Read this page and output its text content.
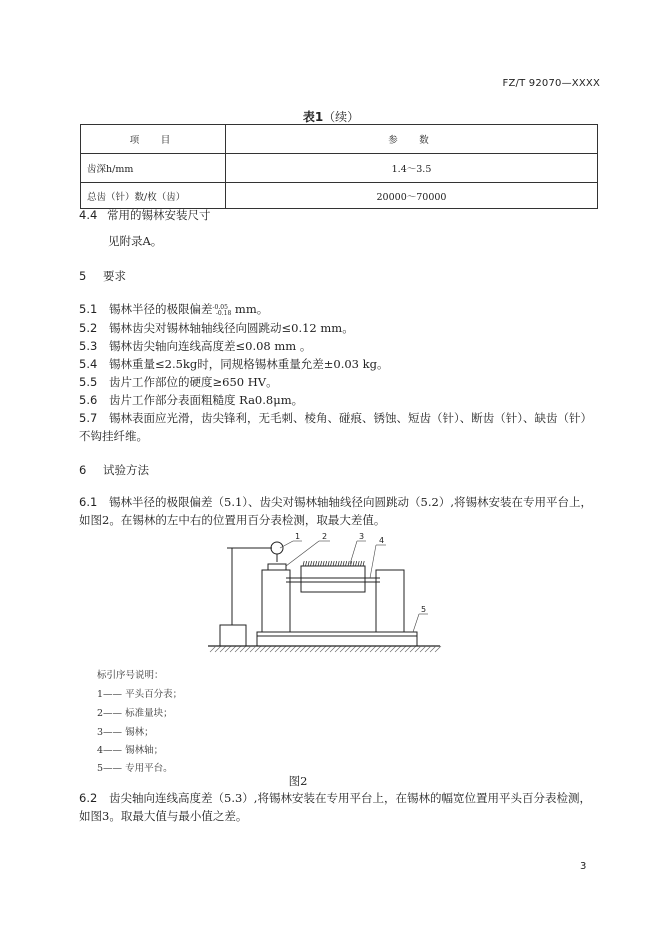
FZ/T 92070—XXXX
表1（续）
项　目	参　数
齿深h/mm	1.4～3.5
总齿（针）数/枚（齿）	20000～70000
4.4 常用的锡林安装尺寸
见附录A。
5 要求
5.1 锡林半径的极限偏差$^{-0.05}$-0.18 mm。
5.2 锡林齿尖对锡林轴轴线径向圆跳动≤0.12 mm。
5.3 锡林齿尖轴向连线高度差≤0.08 mm 。
5.4 锡林重量≤2.5kg时，同规格锡林重量允差±0.03 kg。
5.5 齿片工作部位的硬度≥650 HV。
5.6 齿片工作部分表面粗糙度 Ra0.8μm。
5.7 锡林表面应光滑，齿尖锋利，无毛刺、棱角、碰痕、锈蚀、短齿（针）、断齿（针）、缺齿（针）
不钩挂纤维。
6 试验方法
6.1 锡林半径的极限偏差（5.1）、齿尖对锡林轴轴线径向圆跳动（5.2）,将锡林安装在专用平台上，
如图2。在锡林的左中右的位置用百分表检测，取最大差值。
1	2	3 4
5
标引序号说明：
1—— 平头百分表；
2—— 标准量块；
3—— 锡林；
4—— 锡林轴；
5—— 专用平台。
图2
6.2 齿尖轴向连线高度差（5.3）,将锡林安装在专用平台上，在锡林的幅宽位置用平头百分表检测，
如图3。取最大值与最小值之差。
3
